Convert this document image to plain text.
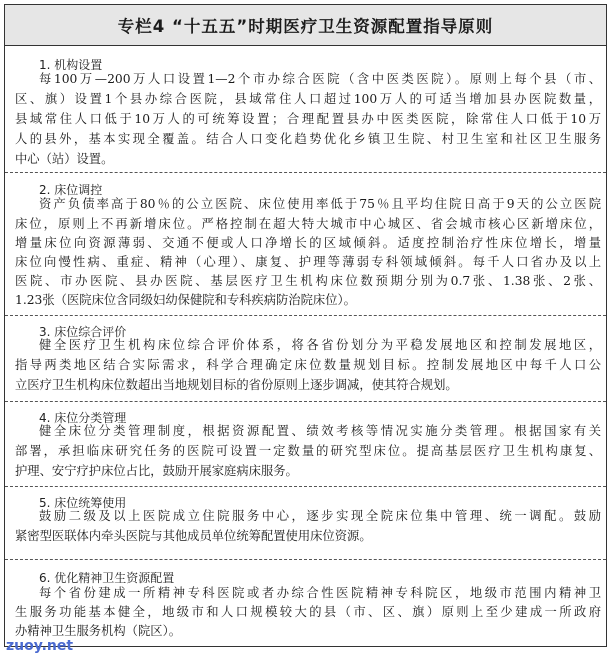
专栏4 “十五五”时期医疗卫生资源配置指导原则
1. 机构设置
每100万—200万人口设置1—2个市办综合医院（含中医类医院）。原则上每个县（市、
区、旗）设置1个县办综合医院，县域常住人口超过100万人的可适当增加县办医院数量，
县域常住人口低于10万人的可统筹设置；合理配置县办中医类医院，除常住人口低于10万
人的县外，基本实现全覆盖。结合人口变化趋势优化乡镇卫生院、村卫生室和社区卫生服务
中心（站）设置。
2. 床位调控
资产负债率高于80％的公立医院、床位使用率低于75％且平均住院日高于9天的公立医院
床位，原则上不再新增床位。严格控制在超大特大城市中心城区、省会城市核心区新增床位，
增量床位向资源薄弱、交通不便或人口净增长的区域倾斜。适度控制治疗性床位增长，增量
床位向慢性病、重症、精神（心理）、康复、护理等薄弱专科领域倾斜。每千人口省办及以上
医院、市办医院、县办医院、基层医疗卫生机构床位数预期分别为0.7张、1.38张、2张、
1.23张（医院床位含同级妇幼保健院和专科疾病防治院床位）。
3. 床位综合评价
健全医疗卫生机构床位综合评价体系，将各省份划分为平稳发展地区和控制发展地区，
指导两类地区结合实际需求，科学合理确定床位数量规划目标。控制发展地区中每千人口公
立医疗卫生机构床位数超出当地规划目标的省份原则上逐步调减，使其符合规划。
4. 床位分类管理
健全床位分类管理制度，根据资源配置、绩效考核等情况实施分类管理。根据国家有关
部署，承担临床研究任务的医院可设置一定数量的研究型床位。提高基层医疗卫生机构康复、
护理、安宁疗护床位占比，鼓励开展家庭病床服务。
5. 床位统筹使用
鼓励二级及以上医院成立住院服务中心，逐步实现全院床位集中管理、统一调配。鼓励
紧密型医联体内牵头医院与其他成员单位统筹配置使用床位资源。
6. 优化精神卫生资源配置
每个省份建成一所精神专科医院或者办综合性医院精神专科院区，地级市范围内精神卫
生服务功能基本健全，地级市和人口规模较大的县（市、区、旗）原则上至少建成一所政府
办精神卫生服务机构（院区）。
zuoy.net
